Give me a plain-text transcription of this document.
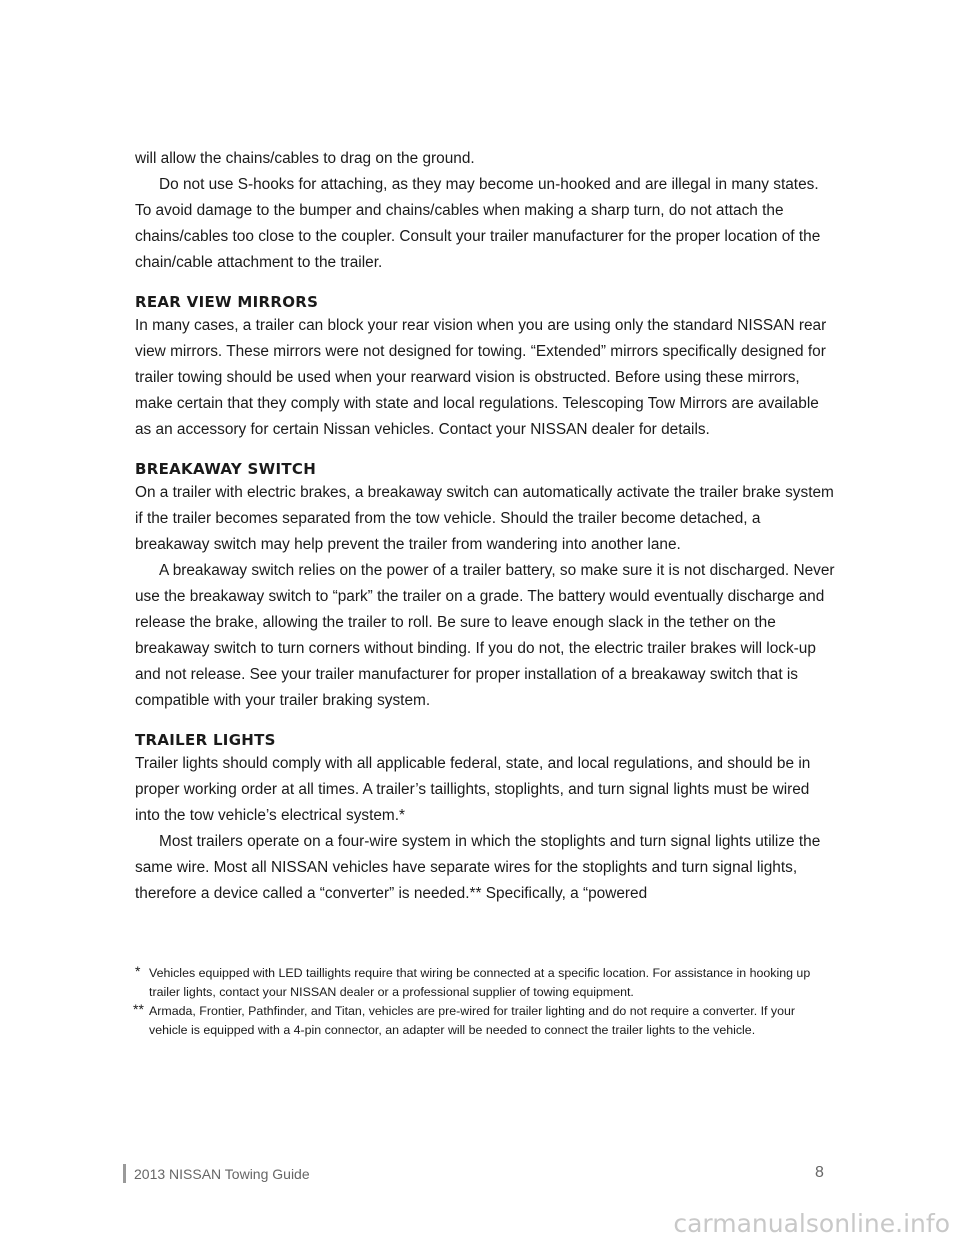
will allow the chains/cables to drag on the ground.

Do not use S-hooks for attaching, as they may become un-hooked and are illegal in many states. To avoid damage to the bumper and chains/cables when making a sharp turn, do not attach the chains/cables too close to the coupler. Consult your trailer manufacturer for the proper location of the chain/cable attachment to the trailer.

REAR VIEW MIRRORS

In many cases, a trailer can block your rear vision when you are using only the standard NISSAN rear view mirrors. These mirrors were not designed for towing. “Extended” mirrors specifically designed for trailer towing should be used when your rearward vision is obstructed. Before using these mirrors, make certain that they comply with state and local regulations. Telescoping Tow Mirrors are available as an accessory for certain Nissan vehicles. Contact your NISSAN dealer for details.

BREAKAWAY SWITCH

On a trailer with electric brakes, a breakaway switch can automatically activate the trailer brake system if the trailer becomes separated from the tow vehicle. Should the trailer become detached, a breakaway switch may help prevent the trailer from wandering into another lane.

A breakaway switch relies on the power of a trailer battery, so make sure it is not discharged. Never use the breakaway switch to “park” the trailer on a grade. The battery would eventually discharge and release the brake, allowing the trailer to roll. Be sure to leave enough slack in the tether on the breakaway switch to turn corners without binding. If you do not, the electric trailer brakes will lock-up and not release. See your trailer manufacturer for proper installation of a breakaway switch that is compatible with your trailer braking system.

TRAILER LIGHTS

Trailer lights should comply with all applicable federal, state, and local regulations, and should be in proper working order at all times. A trailer’s taillights, stoplights, and turn signal lights must be wired into the tow vehicle’s electrical system.*

Most trailers operate on a four-wire system in which the stoplights and turn signal lights utilize the same wire. Most all NISSAN vehicles have separate wires for the stoplights and turn signal lights, therefore a device called a “converter” is needed.** Specifically, a “powered

* Vehicles equipped with LED taillights require that wiring be connected at a specific location. For assistance in hooking up trailer lights, contact your NISSAN dealer or a professional supplier of towing equipment.

** Armada, Frontier, Pathfinder, and Titan, vehicles are pre-wired for trailer lighting and do not require a converter. If your vehicle is equipped with a 4-pin connector, an adapter will be needed to connect the trailer lights to the vehicle.

2013 NISSAN Towing Guide	8
carmanualsonline.info
